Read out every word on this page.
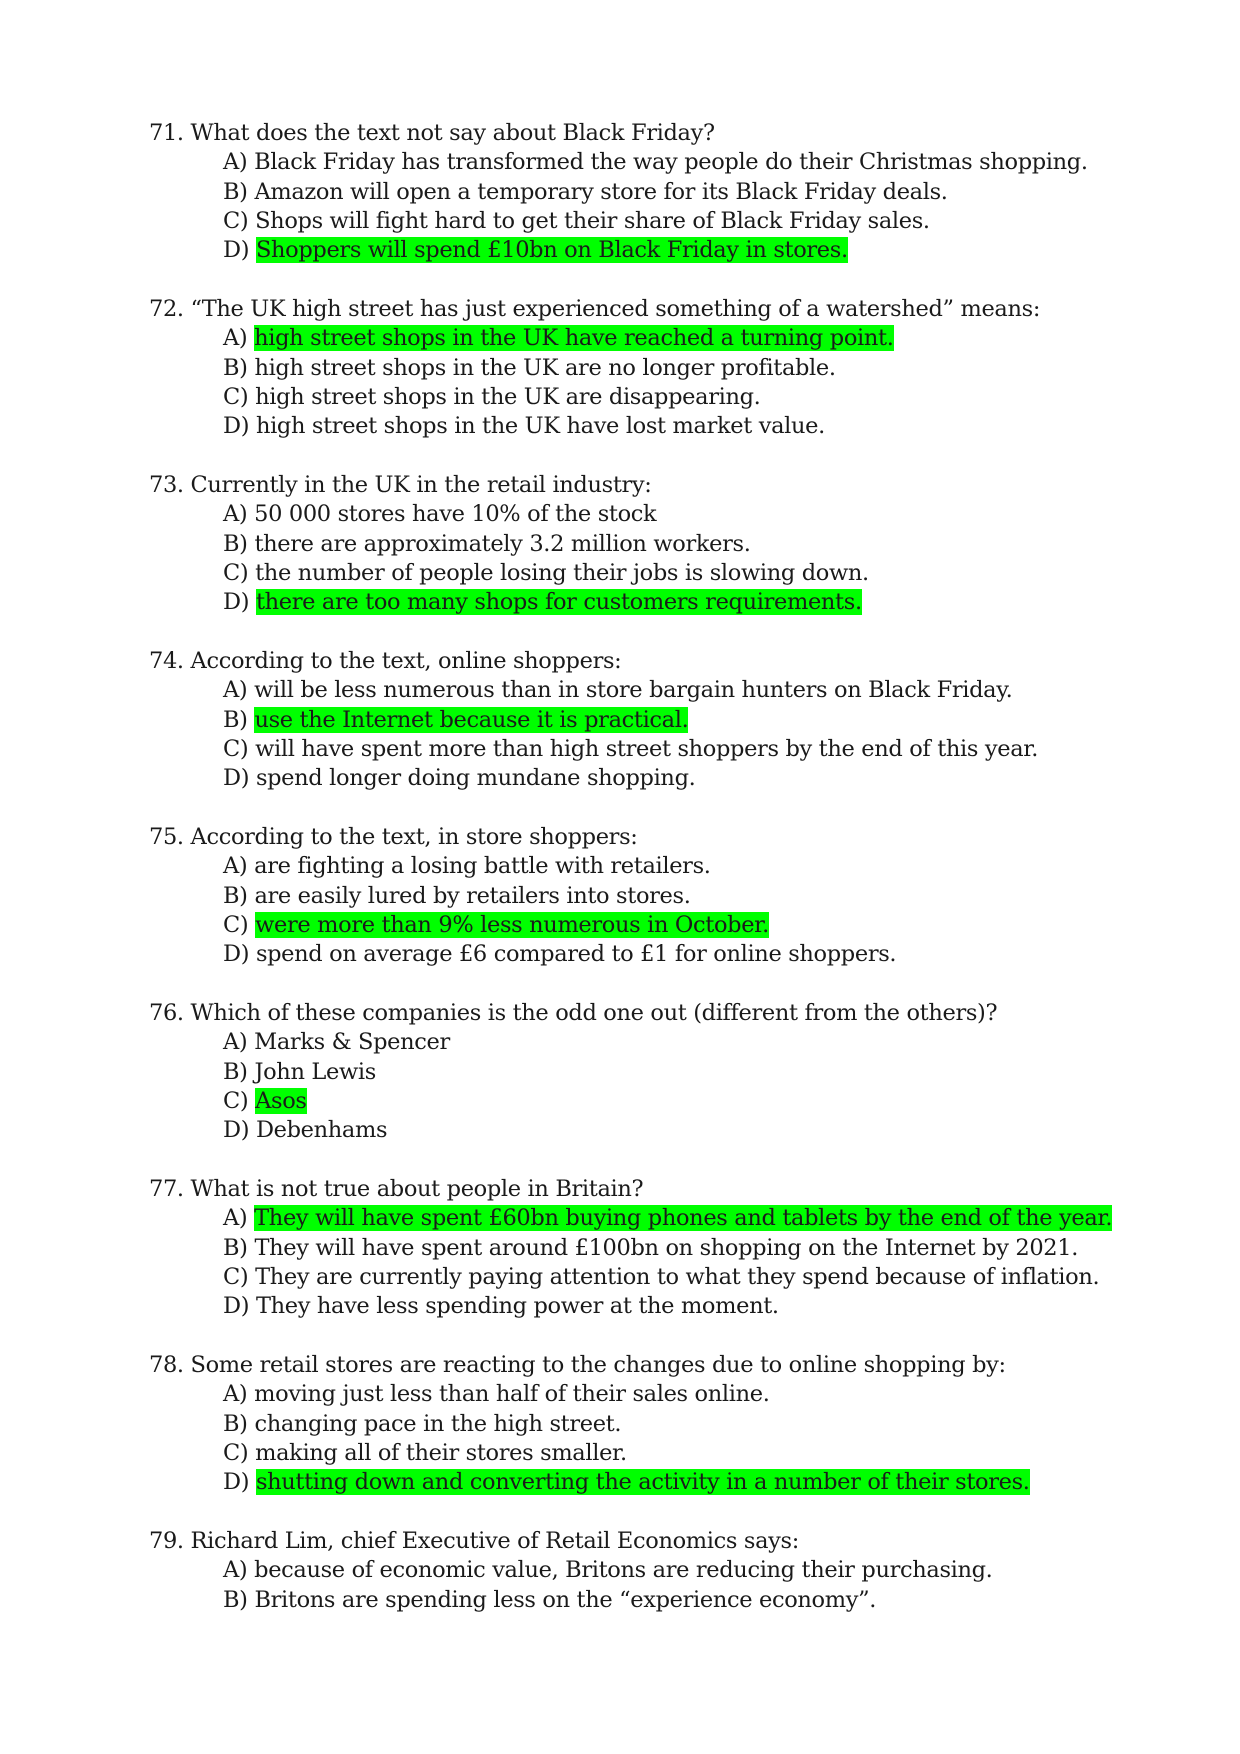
71. What does the text not say about Black Friday?
A) Black Friday has transformed the way people do their Christmas shopping.
B) Amazon will open a temporary store for its Black Friday deals.
C) Shops will fight hard to get their share of Black Friday sales.
D) Shoppers will spend £10bn on Black Friday in stores.
72. “The UK high street has just experienced something of a watershed” means:
A) high street shops in the UK have reached a turning point.
B) high street shops in the UK are no longer profitable.
C) high street shops in the UK are disappearing.
D) high street shops in the UK have lost market value.
73. Currently in the UK in the retail industry:
A) 50 000 stores have 10% of the stock
B) there are approximately 3.2 million workers.
C) the number of people losing their jobs is slowing down.
D) there are too many shops for customers requirements.
74. According to the text, online shoppers:
A) will be less numerous than in store bargain hunters on Black Friday.
B) use the Internet because it is practical.
C) will have spent more than high street shoppers by the end of this year.
D) spend longer doing mundane shopping.
75. According to the text, in store shoppers:
A) are fighting a losing battle with retailers.
B) are easily lured by retailers into stores.
C) were more than 9% less numerous in October.
D) spend on average £6 compared to £1 for online shoppers.
76. Which of these companies is the odd one out (different from the others)?
A) Marks & Spencer
B) John Lewis
C) Asos
D) Debenhams
77. What is not true about people in Britain?
A) They will have spent £60bn buying phones and tablets by the end of the year.
B) They will have spent around £100bn on shopping on the Internet by 2021.
C) They are currently paying attention to what they spend because of inflation.
D) They have less spending power at the moment.
78. Some retail stores are reacting to the changes due to online shopping by:
A) moving just less than half of their sales online.
B) changing pace in the high street.
C) making all of their stores smaller.
D) shutting down and converting the activity in a number of their stores.
79. Richard Lim, chief Executive of Retail Economics says:
A) because of economic value, Britons are reducing their purchasing.
B) Britons are spending less on the “experience economy”.
